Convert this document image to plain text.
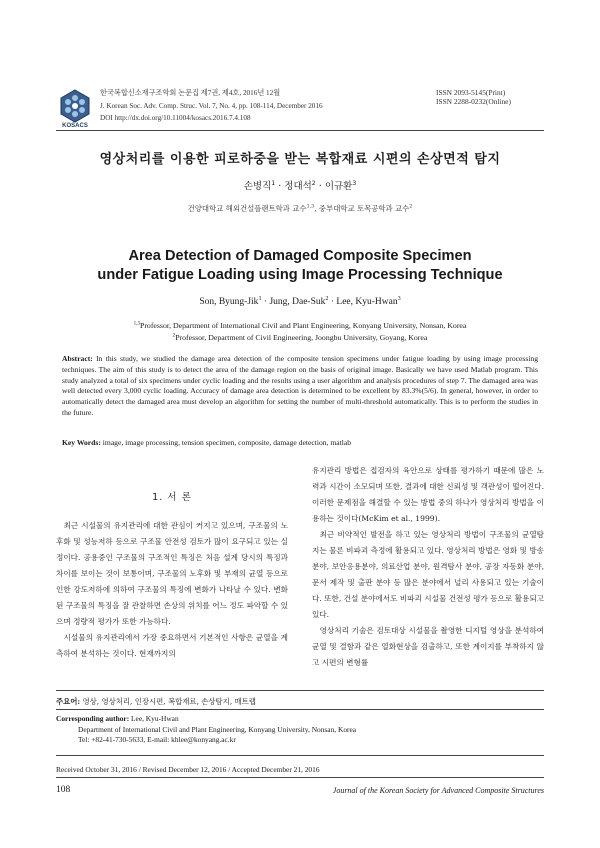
KOSACS
한국복합신소재구조학회 논문집 제7권, 제4호, 2016년 12월
J. Korean Soc. Adv. Comp. Struc. Vol. 7, No. 4, pp. 108-114, December 2016
DOI http://dx.doi.org/10.11004/kosacs.2016.7.4.108
ISSN 2093-5145(Print)
ISSN 2288-0232(Online)
영상처리를 이용한 피로하중을 받는 복합재료 시편의 손상면적 탐지
손병직$^1$ · 정대석$^2$ · 이규환$^3$
건양대학교 해외건설플랜트학과 교수$^{1,3}$, 중부대학교 토목공학과 교수$^2$
Area Detection of Damaged Composite Specimen
under Fatigue Loading using Image Processing Technique
Son, Byung-Jik$^1$ · Jung, Dae-Suk$^2$ · Lee, Kyu-Hwan$^3$
$^{1,3}$Professor, Department of International Civil and Plant Engineering, Konyang University, Nonsan, Korea
$^2$Professor, Department of Civil Engineering, Joongbu University, Goyang, Korea
Abstract: In this study, we studied the damage area detection of the composite tension specimens under fatigue loading by using image processing techniques. The aim of this study is to detect the area of the damage region on the basis of original image. Basically we have used Matlab program. This study analyzed a total of six specimens under cyclic loading and the results using a user algorithm and analysis procedures of step 7. The damaged area was well detected every 3,000 cyclic loading. Accuracy of damage area detection is determined to be excellent by 83.3%(5/6). In general, however, in order to automatically detect the damaged area must develop an algorithm for setting the number of multi-threshold automatically. This is to perform the studies in the future.
Key Words: image, image processing, tension specimen, composite, damage detection, matlab
1. 서 론

최근 시설물의 유지관리에 대한 관심이 커지고 있으며, 구조물의 노후화 및 성능저하 등으로 구조물 안전성 검토가 많이 요구되고 있는 실정이다. 공용중인 구조물의 구조적인 특징은 처음 설계 당시의 특징과 차이를 보이는 것이 보통이며, 구조물의 노후화 및 부재의 균열 등으로 인한 강도저하에 의하여 구조물의 특징에 변화가 나타날 수 있다. 변화된 구조물의 특징을 잘 관찰하면 손상의 위치를 어느 정도 파악할 수 있으며 정량적 평가가 또한 가능하다.

시설물의 유지관리에서 가장 중요하면서 기본적인 사항은 균열을 계측하여 분석하는 것이다. 현재까지의

유지관리 방법은 접검자의 육안으로 상태를 평가하기 때문에 많은 노력과 시간이 소모되며 또한, 결과에 대한 신뢰성 및 객관성이 떨어진다. 이러한 문제점을 해결할 수 있는 방법 중의 하나가 영상처리 방법을 이용하는 것이다(McKim et al., 1999).

최근 비약적인 발전을 하고 있는 영상처리 방법이 구조물의 균열탐지는 물론 비파괴 측정에 활용되고 있다. 영상처리 방법은 영화 및 방송 분야, 보안응용분야, 의료산업 분야, 원격탐사 분야, 공장 자동화 분야, 문서 제작 및 출판 분야 등 많은 분야에서 널리 사용되고 있는 기술이다. 또한, 건설 분야에서도 비파괴 시설물 건전성 평가 등으로 활용되고 있다.

영상처리 기술은 검토대상 시설물을 촬영한 디지털 영상을 분석하여 균열 및 결함과 같은 열화현상을 검출하고, 또한 계이지를 부착하지 않고 시편의 변형률

주요어: 영상, 영상처리, 인장시편, 복합재료, 손상탐지, 매트랩
Corresponding author: Lee, Kyu-Hwan
Department of International Civil and Plant Engineering, Konyang University, Nonsan, Korea
Tel: +82-41-730-5633, E-mail: khlee@konyang.ac.kr
Received October 31, 2016 / Revised December 12, 2016 / Accepted December 21, 2016
108	Journal of the Korean Society for Advanced Composite Structures
